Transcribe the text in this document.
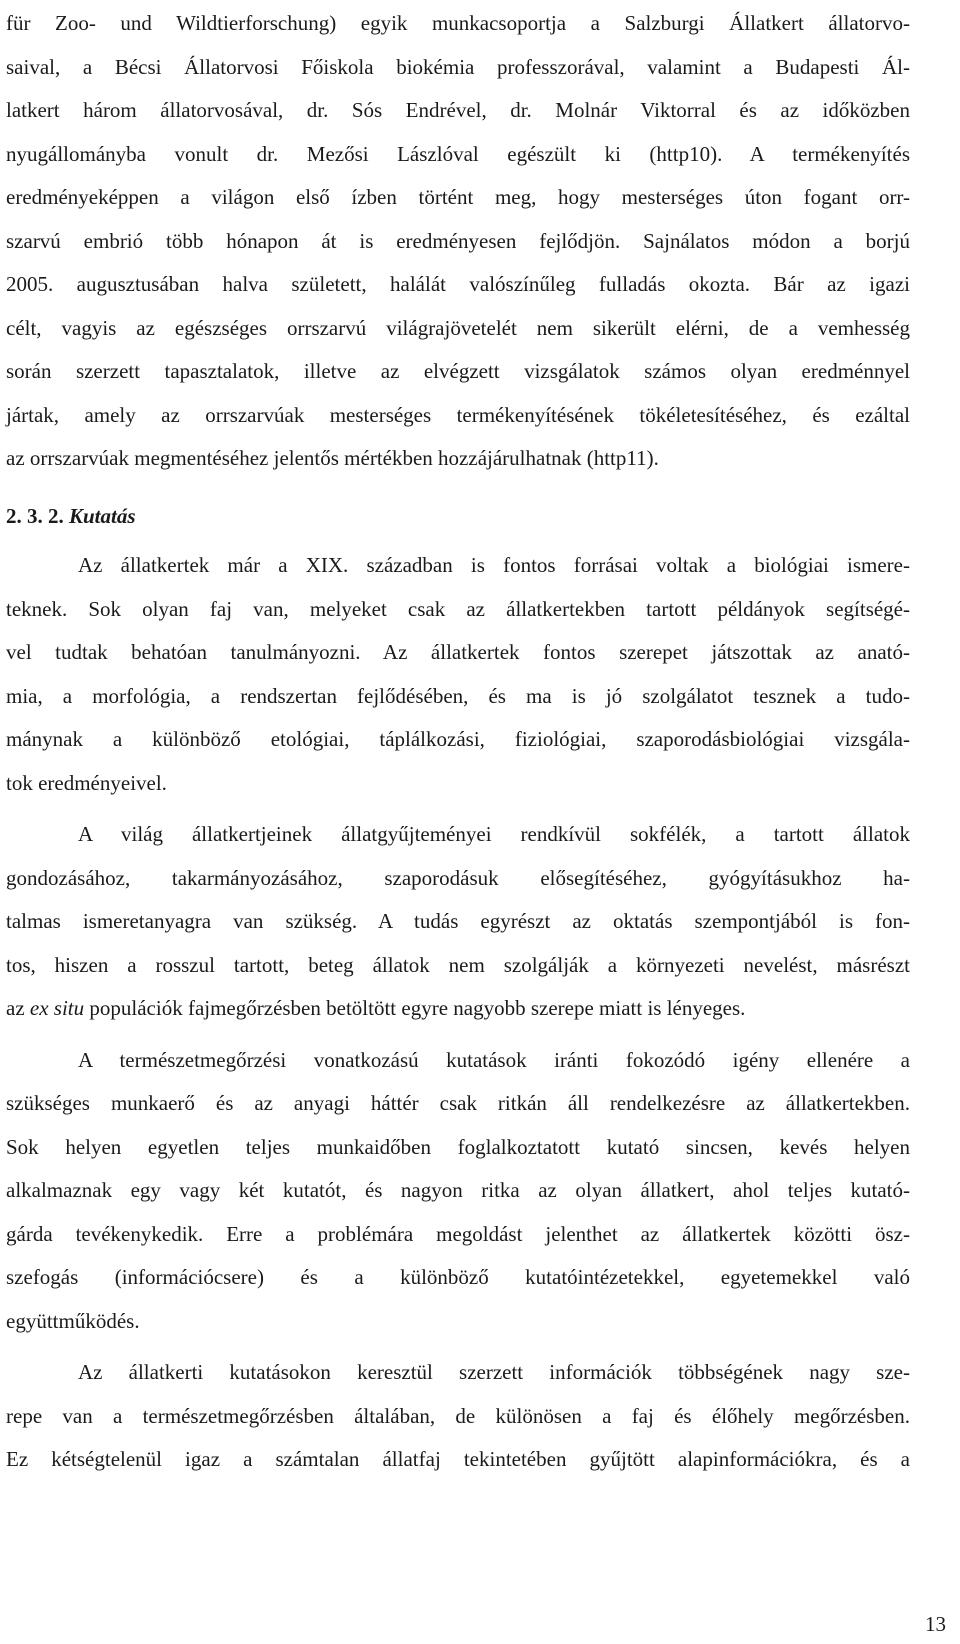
für Zoo- und Wildtierforschung) egyik munkacsoportja a Salzburgi Állatkert állatorvo-
saival, a Bécsi Állatorvosi Főiskola biokémia professzorával, valamint a Budapesti Ál-
latkert három állatorvosával, dr. Sós Endrével, dr. Molnár Viktorral és az időközben
nyugállományba vonult dr. Mezősi Lászlóval egészült ki (http10). A termékenyítés
eredményeképpen a világon első ízben történt meg, hogy mesterséges úton fogant orr-
szarvú embrió több hónapon át is eredményesen fejlődjön. Sajnálatos módon a borjú
2005. augusztusában halva született, halálát valószínűleg fulladás okozta. Bár az igazi
célt, vagyis az egészséges orrszarvú világrajövetelét nem sikerült elérni, de a vemhesség
során szerzett tapasztalatok, illetve az elvégzett vizsgálatok számos olyan eredménnyel
jártak, amely az orrszarvúak mesterséges termékenyítésének tökéletesítéséhez, és ezáltal
az orrszarvúak megmentéséhez jelentős mértékben hozzájárulhatnak (http11).
2. 3. 2. Kutatás
Az állatkertek már a XIX. században is fontos forrásai voltak a biológiai ismere-
teknek. Sok olyan faj van, melyeket csak az állatkertekben tartott példányok segítségé-
vel tudtak behatóan tanulmányozni. Az állatkertek fontos szerepet játszottak az anató-
mia, a morfológia, a rendszertan fejlődésében, és ma is jó szolgálatot tesznek a tudo-
mánynak a különböző etológiai, táplálkozási, fiziológiai, szaporodásbiológiai vizsgála-
tok eredményeivel.
A világ állatkertjeinek állatgyűjteményei rendkívül sokfélék, a tartott állatok
gondozásához, takarmányozásához, szaporodásuk elősegítéséhez, gyógyításukhoz ha-
talmas ismeretanyagra van szükség. A tudás egyrészt az oktatás szempontjából is fon-
tos, hiszen a rosszul tartott, beteg állatok nem szolgálják a környezeti nevelést, másrészt
az ex situ populációk fajmegőrzésben betöltött egyre nagyobb szerepe miatt is lényeges.
A természetmegőrzési vonatkozású kutatások iránti fokozódó igény ellenére a
szükséges munkaerő és az anyagi háttér csak ritkán áll rendelkezésre az állatkertekben.
Sok helyen egyetlen teljes munkaidőben foglalkoztatott kutató sincsen, kevés helyen
alkalmaznak egy vagy két kutatót, és nagyon ritka az olyan állatkert, ahol teljes kutató-
gárda tevékenykedik. Erre a problémára megoldást jelenthet az állatkertek közötti ösz-
szefogás (információcsere) és a különböző kutatóintézetekkel, egyetemekkel való
együttműködés.
Az állatkerti kutatásokon keresztül szerzett információk többségének nagy sze-
repe van a természetmegőrzésben általában, de különösen a faj és élőhely megőrzésben.
Ez kétségtelenül igaz a számtalan állatfaj tekintetében gyűjtött alapinformációkra, és a
13
